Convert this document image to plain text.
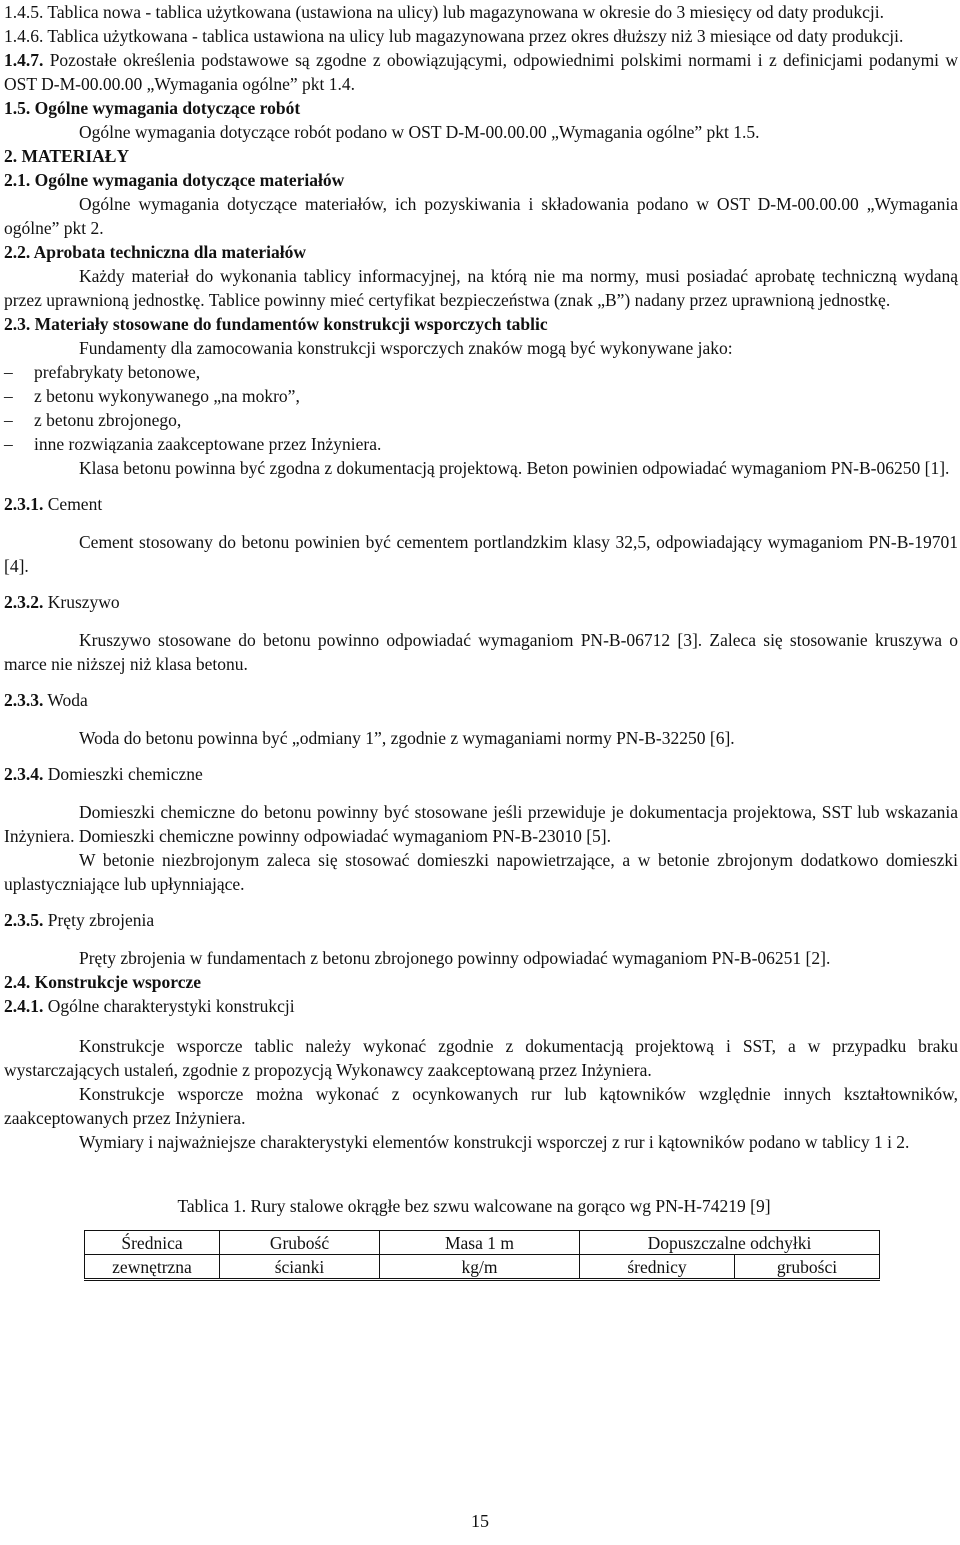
1.4.5. Tablica nowa - tablica użytkowana (ustawiona na ulicy) lub magazynowana w okresie do 3 miesięcy od daty produkcji.

1.4.6. Tablica użytkowana - tablica ustawiona na ulicy lub magazynowana przez okres dłuższy niż 3 miesiące od daty produkcji.

1.4.7. Pozostałe określenia podstawowe są zgodne z obowiązującymi, odpowiednimi polskimi normami i z definicjami podanymi w OST D-M-00.00.00 „Wymagania ogólne” pkt 1.4.

1.5. Ogólne wymagania dotyczące robót

Ogólne wymagania dotyczące robót podano w OST D-M-00.00.00 „Wymagania ogólne” pkt 1.5.

2. MATERIAŁY

2.1. Ogólne wymagania dotyczące materiałów

Ogólne wymagania dotyczące materiałów, ich pozyskiwania i składowania podano w OST D-M-00.00.00 „Wymagania ogólne” pkt 2.

2.2. Aprobata techniczna dla materiałów

Każdy materiał do wykonania tablicy informacyjnej, na którą nie ma normy, musi posiadać aprobatę techniczną wydaną przez uprawnioną jednostkę. Tablice powinny mieć certyfikat bezpieczeństwa (znak „B”) nadany przez uprawnioną jednostkę.

2.3. Materiały stosowane do fundamentów konstrukcji wsporczych tablic

Fundamenty dla zamocowania konstrukcji wsporczych znaków mogą być wykonywane jako:

– prefabrykaty betonowe,

– z betonu wykonywanego „na mokro”,

– z betonu zbrojonego,

– inne rozwiązania zaakceptowane przez Inżyniera.

Klasa betonu powinna być zgodna z dokumentacją projektową. Beton powinien odpowiadać wymaganiom PN-B-06250 [1].

2.3.1. Cement

Cement stosowany do betonu powinien być cementem portlandzkim klasy 32,5, odpowiadający wymaganiom PN-B-19701 [4].

2.3.2. Kruszywo

Kruszywo stosowane do betonu powinno odpowiadać wymaganiom PN-B-06712 [3]. Zaleca się stosowanie kruszywa o marce nie niższej niż klasa betonu.

2.3.3. Woda

Woda do betonu powinna być „odmiany 1”, zgodnie z wymaganiami normy PN-B-32250 [6].

2.3.4. Domieszki chemiczne

Domieszki chemiczne do betonu powinny być stosowane jeśli przewiduje je dokumentacja projektowa, SST lub wskazania Inżyniera. Domieszki chemiczne powinny odpowiadać wymaganiom PN-B-23010 [5].

W betonie niezbrojonym zaleca się stosować domieszki napowietrzające, a w betonie zbrojonym dodatkowo domieszki uplastyczniające lub upłynniające.

2.3.5. Pręty zbrojenia

Pręty zbrojenia w fundamentach z betonu zbrojonego powinny odpowiadać wymaganiom PN-B-06251 [2].

2.4. Konstrukcje wsporcze

2.4.1. Ogólne charakterystyki konstrukcji

Konstrukcje wsporcze tablic należy wykonać zgodnie z dokumentacją projektową i SST, a w przypadku braku wystarczających ustaleń, zgodnie z propozycją Wykonawcy zaakceptowaną przez Inżyniera.

Konstrukcje wsporcze można wykonać z ocynkowanych rur lub kątowników względnie innych kształtowników, zaakceptowanych przez Inżyniera.

Wymiary i najważniejsze charakterystyki elementów konstrukcji wsporczej z rur i kątowników podano w tablicy 1 i 2.

Tablica 1. Rury stalowe okrągłe bez szwu walcowane na gorąco wg PN-H-74219 [9]

Średnica	Grubość	Masa 1 m	Dopuszczalne odchyłki	
zewnętrzna	ścianki	kg/m	średnicy	grubości
15
